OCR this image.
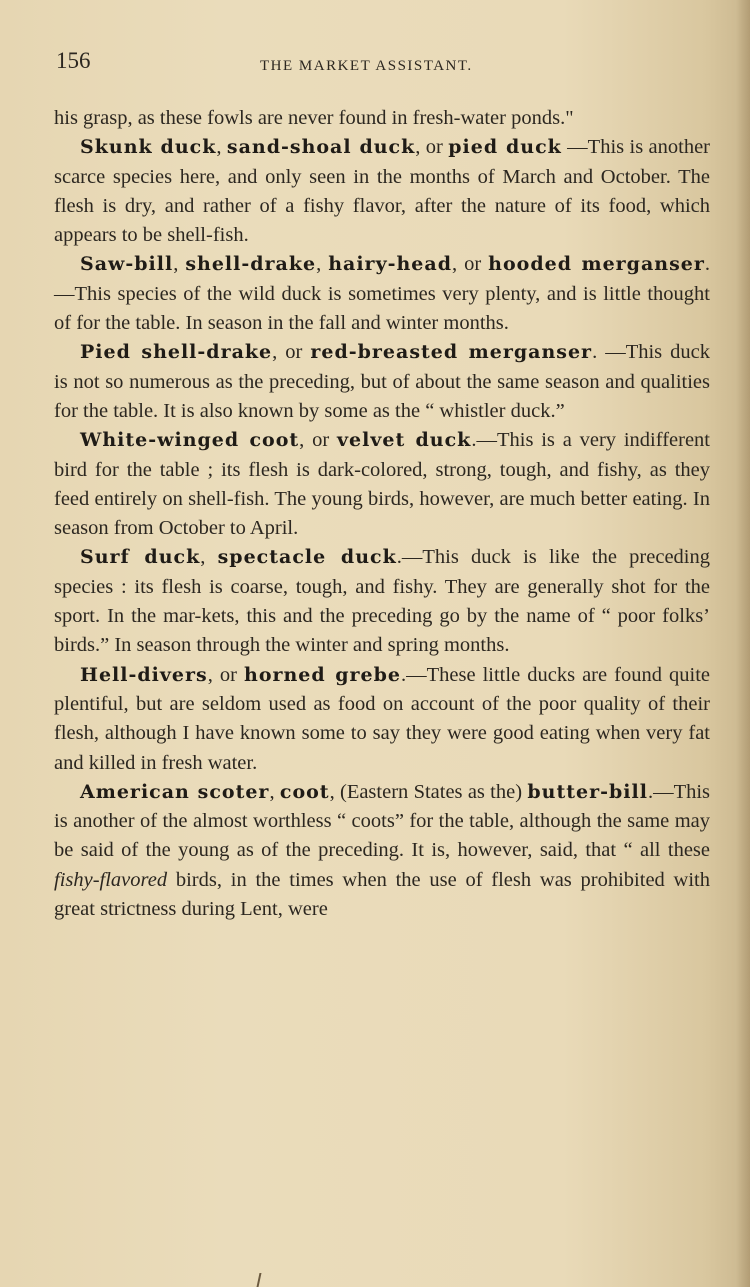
156	THE MARKET ASSISTANT.

his grasp, as these fowls are never found in fresh-water ponds."

Skunk duck, sand-shoal duck, or pied duck —This is another scarce species here, and only seen in the months of March and October. The flesh is dry, and rather of a fishy flavor, after the nature of its food, which appears to be shell-fish.

Saw-bill, shell-drake, hairy-head, or hooded merganser.—This species of the wild duck is sometimes very plenty, and is little thought of for the table. In season in the fall and winter months.

Pied shell-drake, or red-breasted merganser. —This duck is not so numerous as the preceding, but of about the same season and qualities for the table. It is also known by some as the “ whistler duck.”

White-winged coot, or velvet duck.—This is a very indifferent bird for the table ; its flesh is dark-colored, strong, tough, and fishy, as they feed entirely on shell-fish. The young birds, however, are much better eating. In season from October to April.

Surf duck, spectacle duck.—This duck is like the preceding species : its flesh is coarse, tough, and fishy. They are generally shot for the sport. In the mar-kets, this and the preceding go by the name of “ poor folks’ birds.” In season through the winter and spring months.

Hell-divers, or horned grebe.—These little ducks are found quite plentiful, but are seldom used as food on account of the poor quality of their flesh, although I have known some to say they were good eating when very fat and killed in fresh water.

American scoter, coot, (Eastern States as the) butter-bill.—This is another of the almost worthless “ coots” for the table, although the same may be said of the young as of the preceding. It is, however, said, that “ all these fishy-flavored birds, in the times when the use of flesh was prohibited with great strictness during Lent, were
